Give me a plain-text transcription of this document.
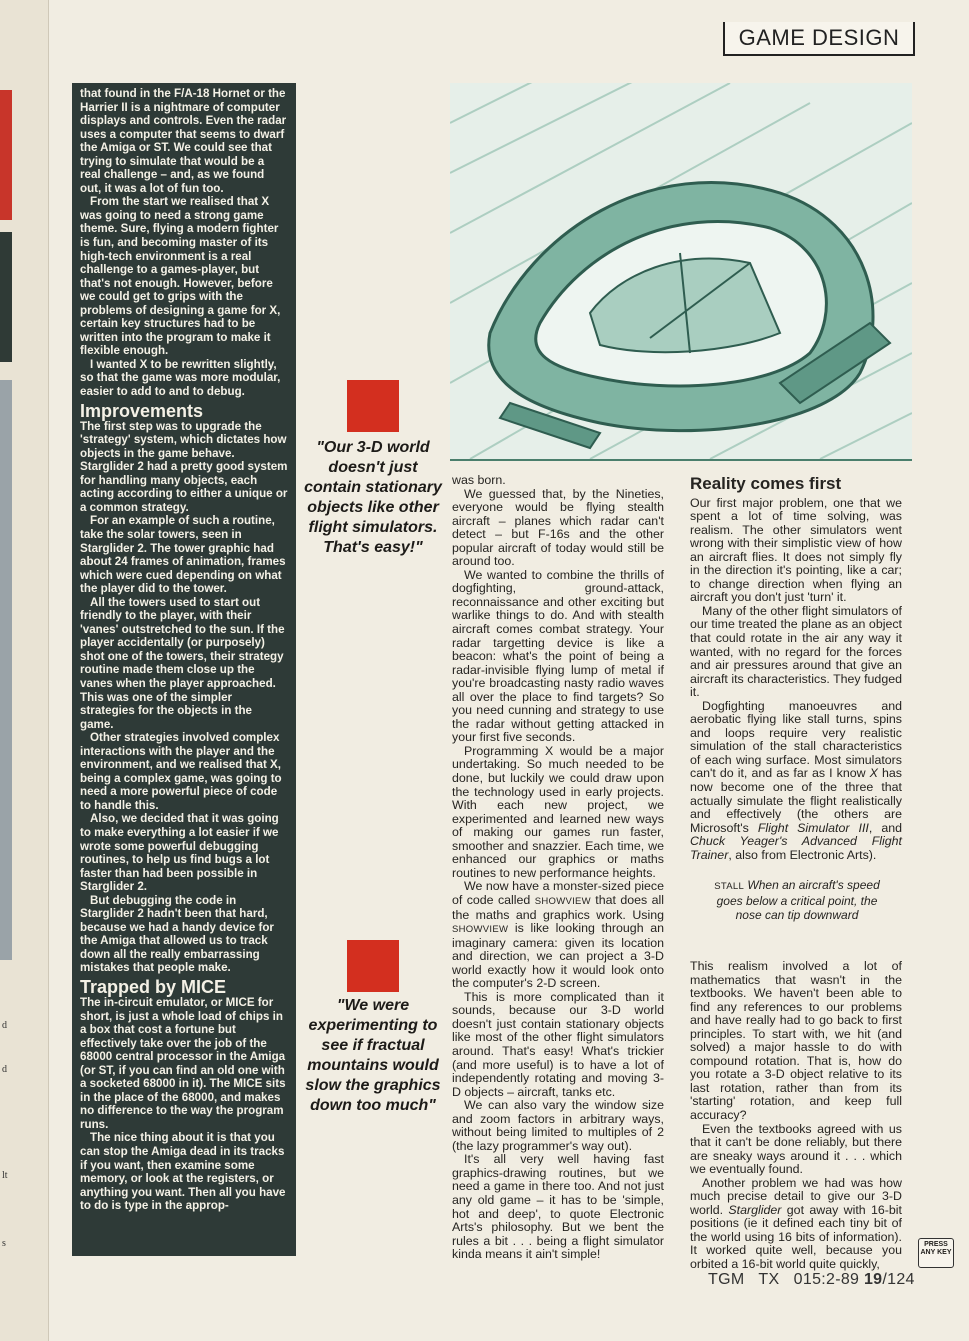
d
d
lt
s
GAME DESIGN

that found in the F/A-18 Hornet or the Harrier II is a nightmare of computer displays and controls. Even the radar uses a computer that seems to dwarf the Amiga or ST. We could see that trying to simulate that would be a real challenge – and, as we found out, it was a lot of fun too.

From the start we realised that X was going to need a strong game theme. Sure, flying a modern fighter is fun, and becoming master of its high-tech environment is a real challenge to a games-player, but that's not enough. However, before we could get to grips with the problems of designing a game for X, certain key structures had to be written into the program to make it flexible enough.

I wanted X to be rewritten slightly, so that the game was more modular, easier to add to and to debug.

Improvements

The first step was to upgrade the 'strategy' system, which dictates how objects in the game behave. Starglider 2 had a pretty good system for handling many objects, each acting according to either a unique or a common strategy.

For an example of such a routine, take the solar towers, seen in Starglider 2. The tower graphic had about 24 frames of animation, frames which were cued depending on what the player did to the tower.

All the towers used to start out friendly to the player, with their 'vanes' outstretched to the sun. If the player accidentally (or purposely) shot one of the towers, their strategy routine made them close up the vanes when the player approached. This was one of the simpler strategies for the objects in the game.

Other strategies involved complex interactions with the player and the environment, and we realised that X, being a complex game, was going to need a more powerful piece of code to handle this.

Also, we decided that it was going to make everything a lot easier if we wrote some powerful debugging routines, to help us find bugs a lot faster than had been possible in Starglider 2.

But debugging the code in Starglider 2 hadn't been that hard, because we had a handy device for the Amiga that allowed us to track down all the really embarrassing mistakes that people make.

Trapped by MICE

The in-circuit emulator, or MICE for short, is just a whole load of chips in a box that cost a fortune but effectively take over the job of the 68000 central processor in the Amiga (or ST, if you can find an old one with a socketed 68000 in it). The MICE sits in the place of the 68000, and makes no difference to the way the program runs.

The nice thing about it is that you can stop the Amiga dead in its tracks if you want, then examine some memory, or look at the registers, or anything you want. Then all you have to do is type in the approp-

"Our 3-D world doesn't just contain stationary objects like other flight simulators. That's easy!"
"We were experimenting to see if fractual mountains would slow the graphics down too much"

was born.

We guessed that, by the Nineties, everyone would be flying stealth aircraft – planes which radar can't detect – but F-16s and the other popular aircraft of today would still be around too.

We wanted to combine the thrills of dogfighting, ground-attack, reconnaissance and other exciting but warlike things to do. And with stealth aircraft comes combat strategy. Your radar targetting device is like a beacon: what's the point of being a radar-invisible flying lump of metal if you're broadcasting nasty radio waves all over the place to find targets? So you need cunning and strategy to use the radar without getting attacked in your first five seconds.

Programming X would be a major undertaking. So much needed to be done, but luckily we could draw upon the technology used in early projects. With each new project, we experimented and learned new ways of making our games run faster, smoother and snazzier. Each time, we enhanced our graphics or maths routines to new performance heights.

We now have a monster-sized piece of code called SHOWVIEW that does all the maths and graphics work. Using SHOWVIEW is like looking through an imaginary camera: given its location and direction, we can project a 3-D world exactly how it would look onto the computer's 2-D screen.

This is more complicated than it sounds, because our 3-D world doesn't just contain stationary objects like most of the other flight simulators around. That's easy! What's trickier (and more useful) is to have a lot of independently rotating and moving 3-D objects – aircraft, tanks etc.

We can also vary the window size and zoom factors in arbitrary ways, without being limited to multiples of 2 (the lazy programmer's way out).

It's all very well having fast graphics-drawing routines, but we need a game in there too. And not just any old game – it has to be 'simple, hot and deep', to quote Electronic Arts's philosophy. But we bent the rules a bit . . . being a flight simulator kinda means it ain't simple!

Reality comes first

Our first major problem, one that we spent a lot of time solving, was realism. The other simulators went wrong with their simplistic view of how an aircraft flies. It does not simply fly in the direction it's pointing, like a car; to change direction when flying an aircraft you don't just 'turn' it.

Many of the other flight simulators of our time treated the plane as an object that could rotate in the air any way it wanted, with no regard for the forces and air pressures around that give an aircraft its characteristics. They fudged it.

Dogfighting manoeuvres and aerobatic flying like stall turns, spins and loops require very realistic simulation of the stall characteristics of each wing surface. Most simulators can't do it, and as far as I know X has now become one of the three that actually simulate the flight realistically and effectively (the others are Microsoft's Flight Simulator III, and Chuck Yeager's Advanced Flight Trainer, also from Electronic Arts).

STALL When an aircraft's speed goes below a critical point, the nose can tip downward

This realism involved a lot of mathematics that wasn't in the textbooks. We haven't been able to find any references to our problems and have really had to go back to first principles. To start with, we hit (and solved) a major hassle to do with compound rotation. That is, how do you rotate a 3-D object relative to its last rotation, rather than from its 'starting' rotation, and keep full accuracy?

Even the textbooks agreed with us that it can't be done reliably, but there are sneaky ways around it . . . which we eventually found.

Another problem we had was how much precise detail to give our 3-D world. Starglider got away with 16-bit positions (ie it defined each tiny bit of the world using 16 bits of information). It worked quite well, because you orbited a 16-bit world quite quickly,

PRESS ANY KEY
TGM   TX   015:2-89 19/124
